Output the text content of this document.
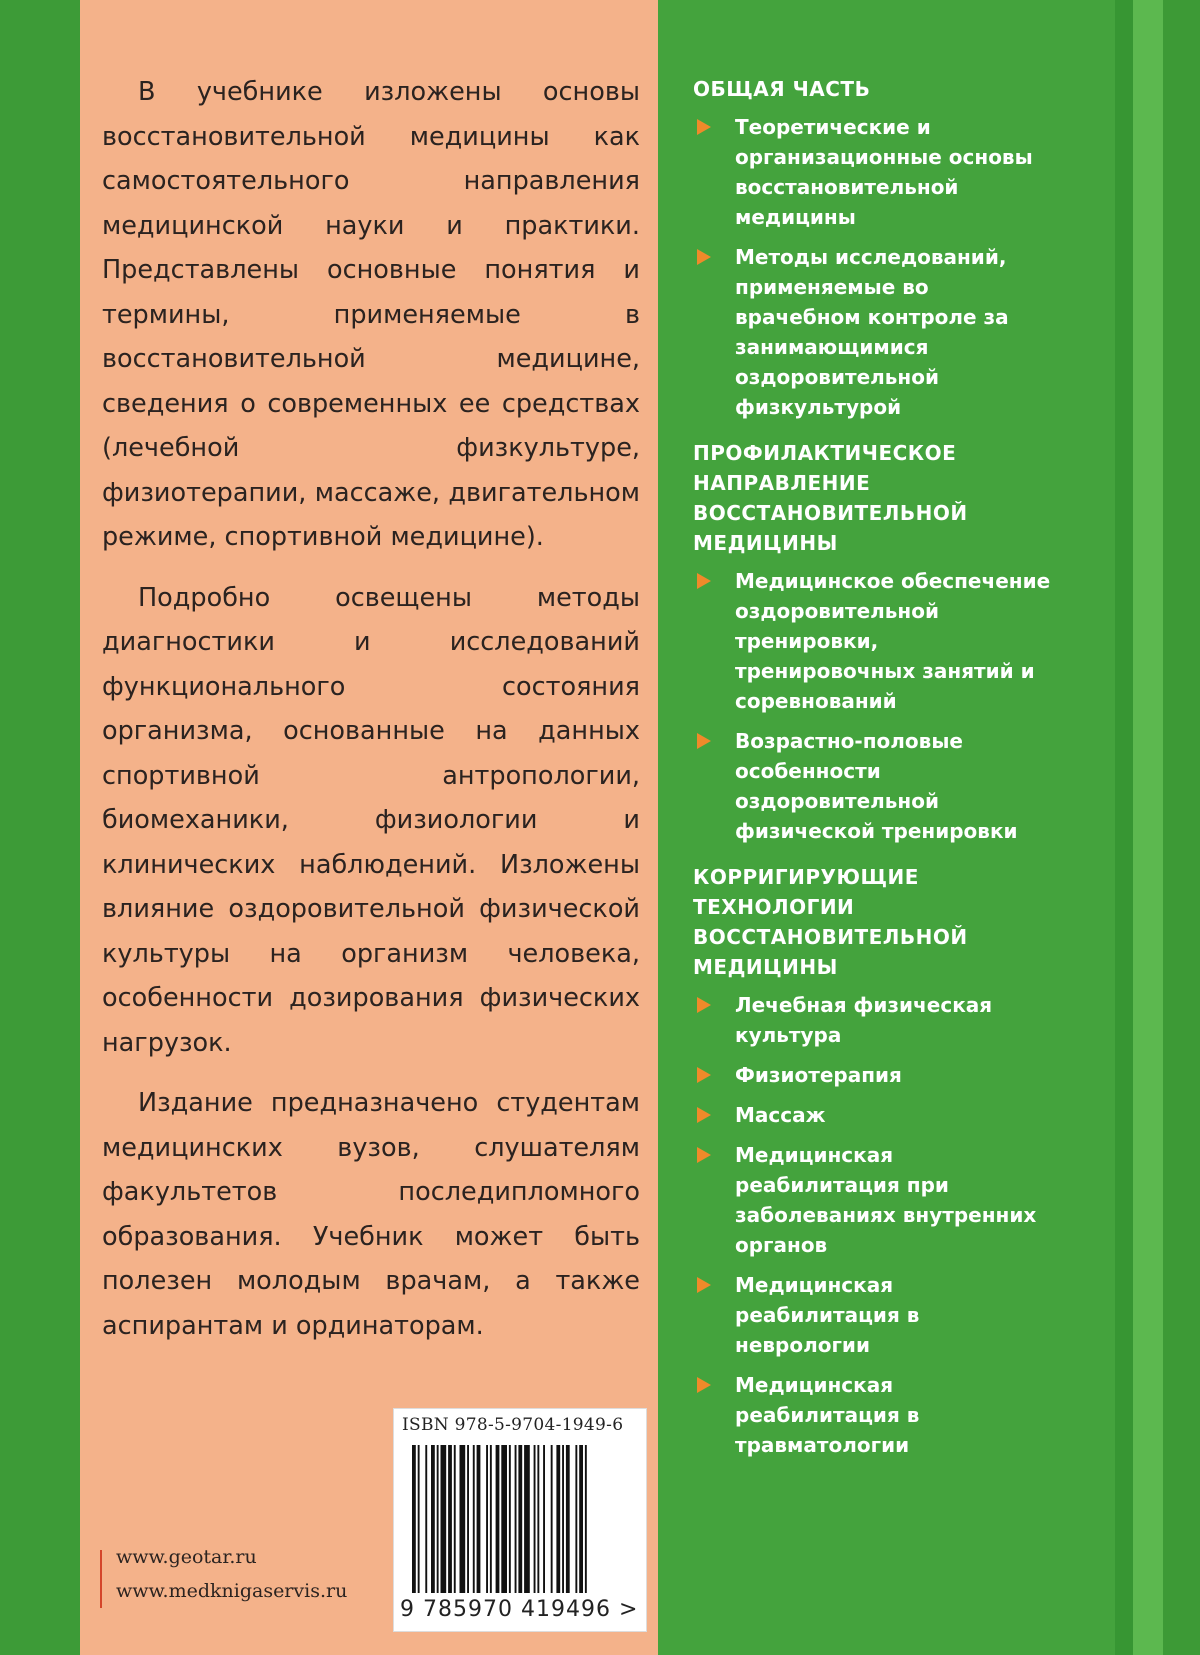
В учебнике изложены основы восстановительной медицины как самостоятельного направления медицинской науки и практики. Представлены основные понятия и термины, применяемые в восстановительной медицине, сведения о современных ее средствах (лечебной физкультуре, физиотерапии, массаже, двигательном режиме, спортивной медицине).

Подробно освещены методы диагностики и исследований функционального состояния организма, основанные на данных спортивной антропологии, биомеханики, физиологии и клинических наблюдений. Изложены влияние оздоровительной физической культуры на организм человека, особенности дозирования физических нагрузок.

Издание предназначено студентам медицинских вузов, слушателям факультетов последипломного образования. Учебник может быть полезен молодым врачам, а также аспирантам и ординаторам.

ОБЩАЯ ЧАСТЬ
Теоретические и организационные основы восстановительной медицины
Методы исследований, применяемые во врачебном контроле за занимающимися оздоровительной физкультурой
ПРОФИЛАКТИЧЕСКОЕ НАПРАВЛЕНИЕ ВОССТАНОВИТЕЛЬНОЙ МЕДИЦИНЫ
Медицинское обеспечение оздоровительной тренировки, тренировочных занятий и соревнований
Возрастно-половые особенности оздоровительной физической тренировки
КОРРИГИРУЮЩИЕ ТЕХНОЛОГИИ ВОССТАНОВИТЕЛЬНОЙ МЕДИЦИНЫ
Лечебная физическая культура
Физиотерапия
Массаж
Медицинская реабилитация при заболеваниях внутренних органов
Медицинская реабилитация в неврологии
Медицинская реабилитация в травматологии
ISBN 978-5-9704-1949-6
9 785970 419496 >
www.geotar.ru
www.medknigaservis.ru
